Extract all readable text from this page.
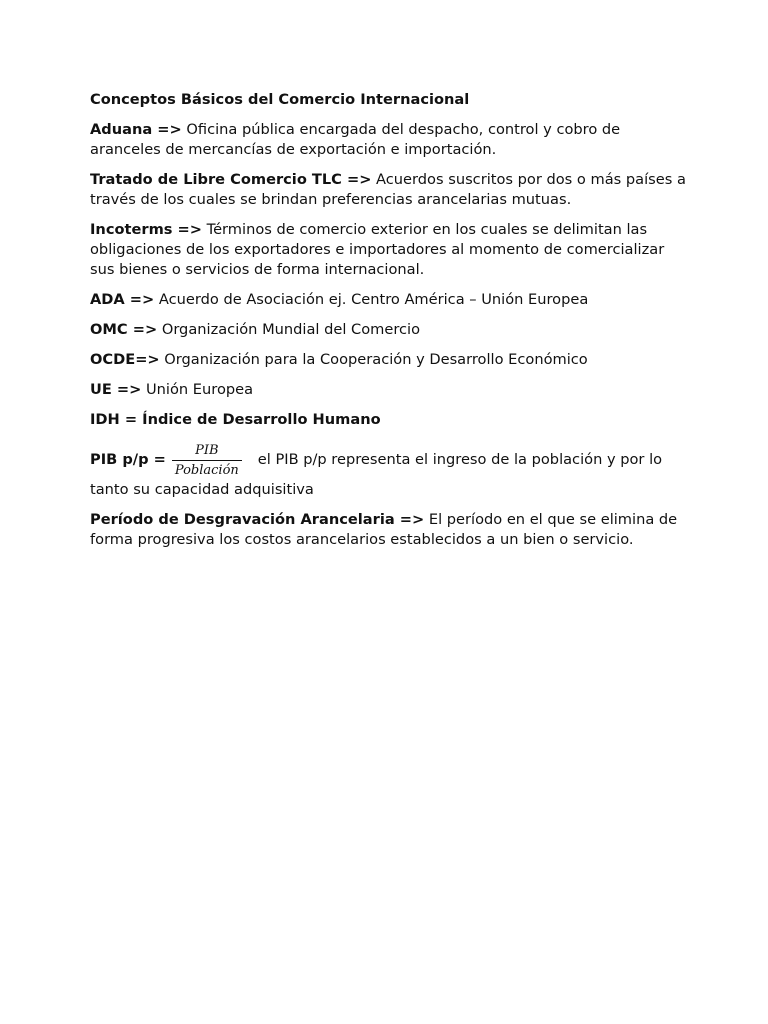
Conceptos Básicos del Comercio Internacional
Aduana => Oficina pública encargada del despacho, control y cobro de aranceles de mercancías de exportación e importación.
Tratado de Libre Comercio TLC => Acuerdos suscritos por dos o más países a través de los cuales se brindan preferencias arancelarias mutuas.
Incoterms => Términos de comercio exterior en los cuales se delimitan las obligaciones de los exportadores e importadores al momento de comercializar sus bienes o servicios de forma internacional.
ADA => Acuerdo de Asociación ej. Centro América – Unión Europea
OMC => Organización Mundial del Comercio
OCDE=> Organización para la Cooperación y Desarrollo Económico
UE => Unión Europea
IDH = Índice de Desarrollo Humano
PIB $p/p = \frac{\text{PIB}}{\text{Población}}$ el PIB p/p representa el ingreso de la población y por lo
tanto su capacidad adquisitiva
Período de Desgravación Arancelaria => El período en el que se elimina de forma progresiva los costos arancelarios establecidos a un bien o servicio.
